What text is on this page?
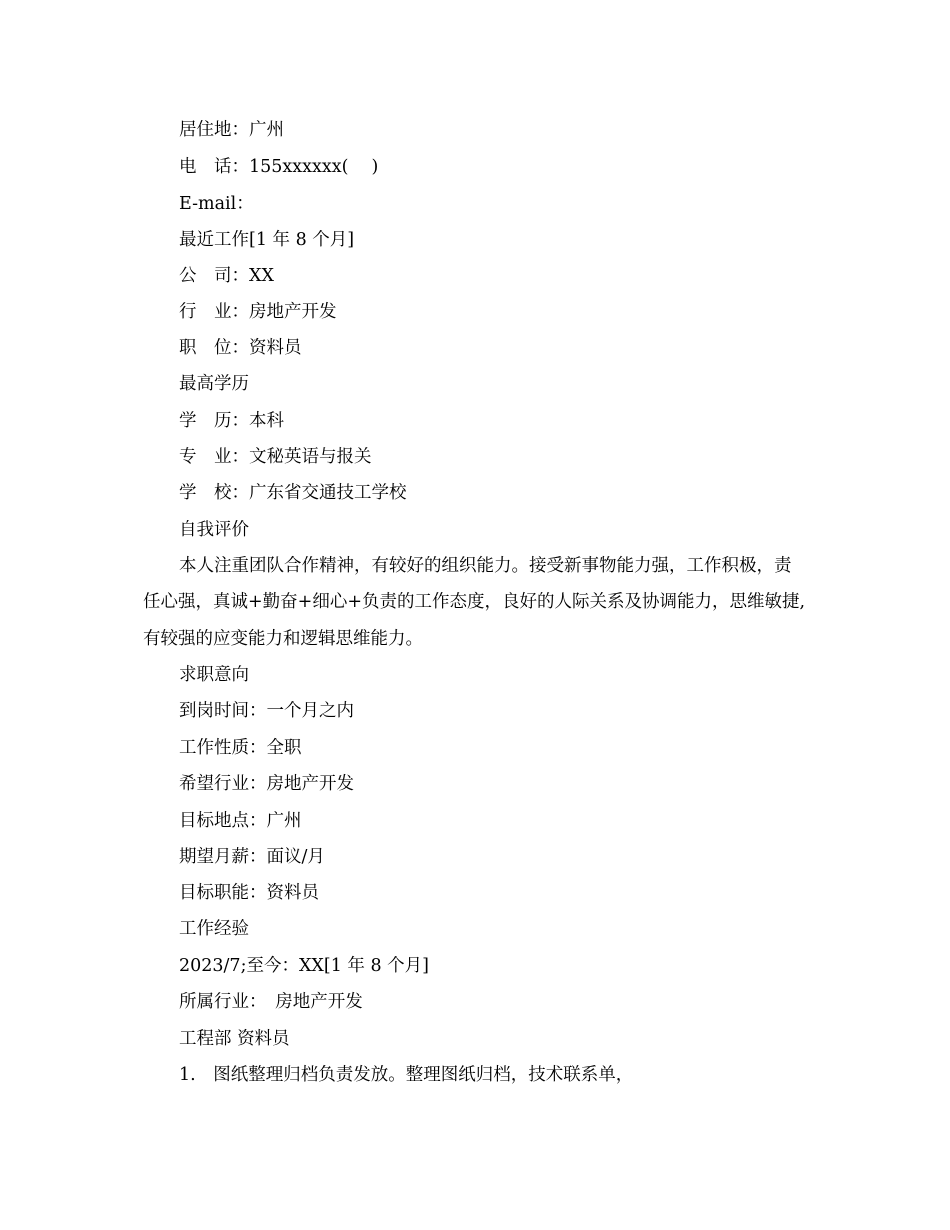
居住地：广州
电　话：155xxxxxx(　 )
E-mail：
最近工作[1 年 8 个月]
公　司：XX
行　业：房地产开发
职　位：资料员
最高学历
学　历：本科
专　业：文秘英语与报关
学　校：广东省交通技工学校
自我评价

本人注重团队合作精神，有较好的组织能力。接受新事物能力强，工作积极，责任心强，真诚+勤奋+细心+负责的工作态度，良好的人际关系及协调能力，思维敏捷,有较强的应变能力和逻辑思维能力。

求职意向
到岗时间：一个月之内
工作性质：全职
希望行业：房地产开发
目标地点：广州
期望月薪：面议/月
目标职能：资料员
工作经验
2023/7;至今：XX[1 年 8 个月]
所属行业：　房地产开发
工程部 资料员
1.　图纸整理归档负责发放。整理图纸归档，技术联系单，
